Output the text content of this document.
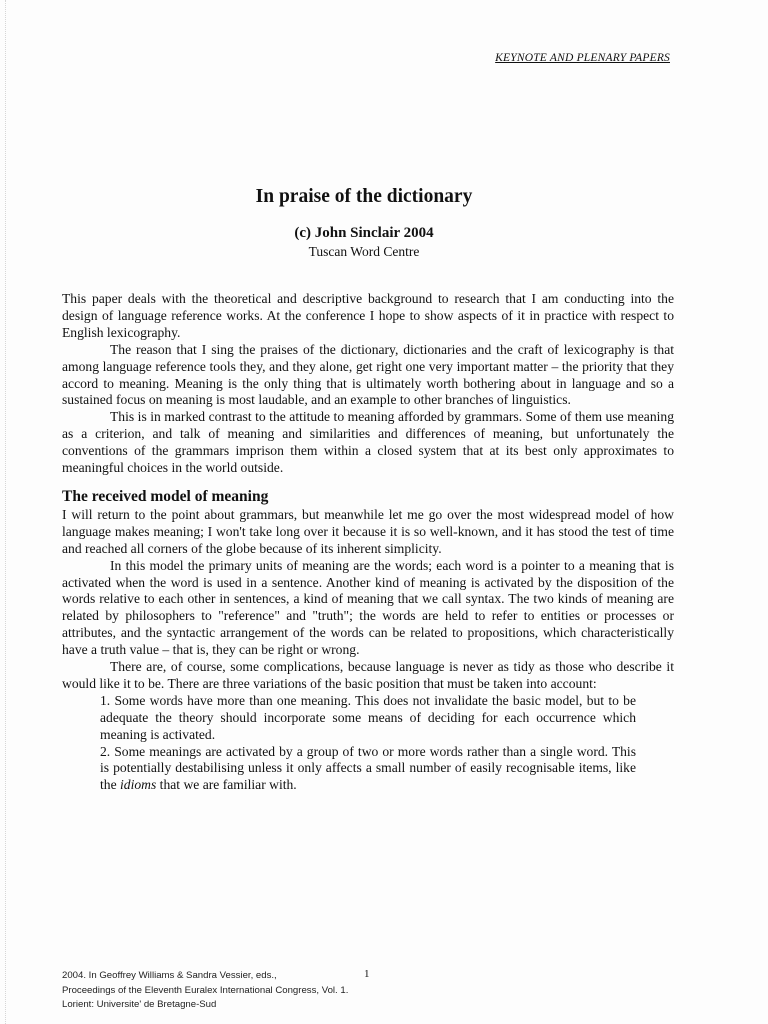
KEYNOTE AND PLENARY PAPERS
In praise of the dictionary
(c) John Sinclair 2004
Tuscan Word Centre

This paper deals with the theoretical and descriptive background to research that I am conducting into the design of language reference works. At the conference I hope to show aspects of it in practice with respect to English lexicography.

The reason that I sing the praises of the dictionary, dictionaries and the craft of lexicography is that among language reference tools they, and they alone, get right one very important matter – the priority that they accord to meaning. Meaning is the only thing that is ultimately worth bothering about in language and so a sustained focus on meaning is most laudable, and an example to other branches of linguistics.

This is in marked contrast to the attitude to meaning afforded by grammars. Some of them use meaning as a criterion, and talk of meaning and similarities and differences of meaning, but unfortunately the conventions of the grammars imprison them within a closed system that at its best only approximates to meaningful choices in the world outside.

The received model of meaning

I will return to the point about grammars, but meanwhile let me go over the most widespread model of how language makes meaning; I won't take long over it because it is so well-known, and it has stood the test of time and reached all corners of the globe because of its inherent simplicity.

In this model the primary units of meaning are the words; each word is a pointer to a meaning that is activated when the word is used in a sentence. Another kind of meaning is activated by the disposition of the words relative to each other in sentences, a kind of meaning that we call syntax. The two kinds of meaning are related by philosophers to "reference" and "truth"; the words are held to refer to entities or processes or attributes, and the syntactic arrangement of the words can be related to propositions, which characteristically have a truth value – that is, they can be right or wrong.

There are, of course, some complications, because language is never as tidy as those who describe it would like it to be. There are three variations of the basic position that must be taken into account:

1. Some words have more than one meaning. This does not invalidate the basic model, but to be adequate the theory should incorporate some means of deciding for each occurrence which meaning is activated.

2. Some meanings are activated by a group of two or more words rather than a single word. This is potentially destabilising unless it only affects a small number of easily recognisable items, like the idioms that we are familiar with.

1
2004. In Geoffrey Williams & Sandra Vessier, eds.,
Proceedings of the Eleventh Euralex International Congress, Vol. 1.
Lorient: Universite' de Bretagne-Sud
